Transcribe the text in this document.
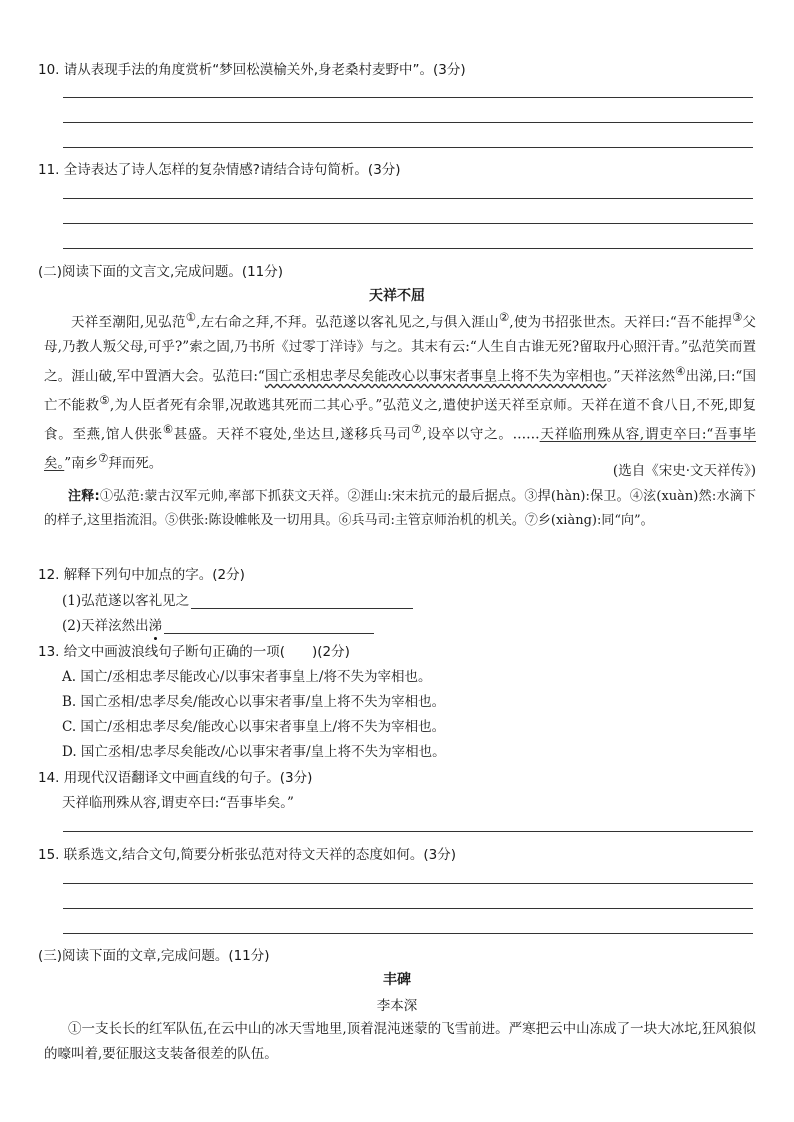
10. 请从表现手法的角度赏析“梦回松漠榆关外,身老桑村麦野中”。(3分)
11. 全诗表达了诗人怎样的复杂情感?请结合诗句简析。(3分)
(二)阅读下面的文言文,完成问题。(11分)
天祥不屈
天祥至潮阳,见弘范①,左右命之拜,不拜。弘范遂以客礼见之,与俱入涯山②,使为书招张世杰。天祥曰:“吾不能捍③父母,乃教人叛父母,可乎?”索之固,乃书所《过零丁洋诗》与之。其末有云:“人生自古谁无死?留取丹心照汗青。”弘范笑而置之。涯山破,军中置酒大会。弘范曰:“国亡丞相忠孝尽矣能改心以事宋者事皇上将不失为宰相也。”天祥泫然④出涕,曰:“国亡不能救⑤,为人臣者死有余罪,况敢逃其死而二其心乎。”弘范义之,遣使护送天祥至京师。天祥在道不食八日,不死,即复食。至燕,馆人供张⑥甚盛。天祥不寝处,坐达旦,遂移兵马司⑦,设卒以守之。……天祥临刑殊从容,谓吏卒曰:“吾事毕矣。”南乡⑦拜而死。	(选自《宋史·文天祥传》)
注释:①弘范:蒙古汉军元帅,率部下抓获文天祥。②涯山:宋末抗元的最后据点。③捍(hàn):保卫。④泫(xuàn)然:水滴下的样子,这里指流泪。⑤供张:陈设帷帐及一切用具。⑥兵马司:主管京师治机的机关。⑦乡(xiàng):同“向”。
12. 解释下列句中加点的字。(2分)
(1)弘范遂以客礼见之
(2)天祥泫然出涕
13. 给文中画波浪线句子断句正确的一项(　　)(2分)
A. 国亡/丞相忠孝尽能改心/以事宋者事皇上/将不失为宰相也。
B. 国亡丞相/忠孝尽矣/能改心以事宋者事/皇上将不失为宰相也。
C. 国亡/丞相忠孝尽矣/能改心以事宋者事皇上/将不失为宰相也。
D. 国亡丞相/忠孝尽矣能改/心以事宋者事/皇上将不失为宰相也。
14. 用现代汉语翻译文中画直线的句子。(3分)
天祥临刑殊从容,谓吏卒曰:“吾事毕矣。”
15. 联系选文,结合文句,简要分析张弘范对待文天祥的态度如何。(3分)
(三)阅读下面的文章,完成问题。(11分)
丰碑
李本深
①一支长长的红军队伍,在云中山的冰天雪地里,顶着混沌迷蒙的飞雪前进。严寒把云中山冻成了一块大冰坨,狂风狼似的嚎叫着,要征服这支装备很差的队伍。
